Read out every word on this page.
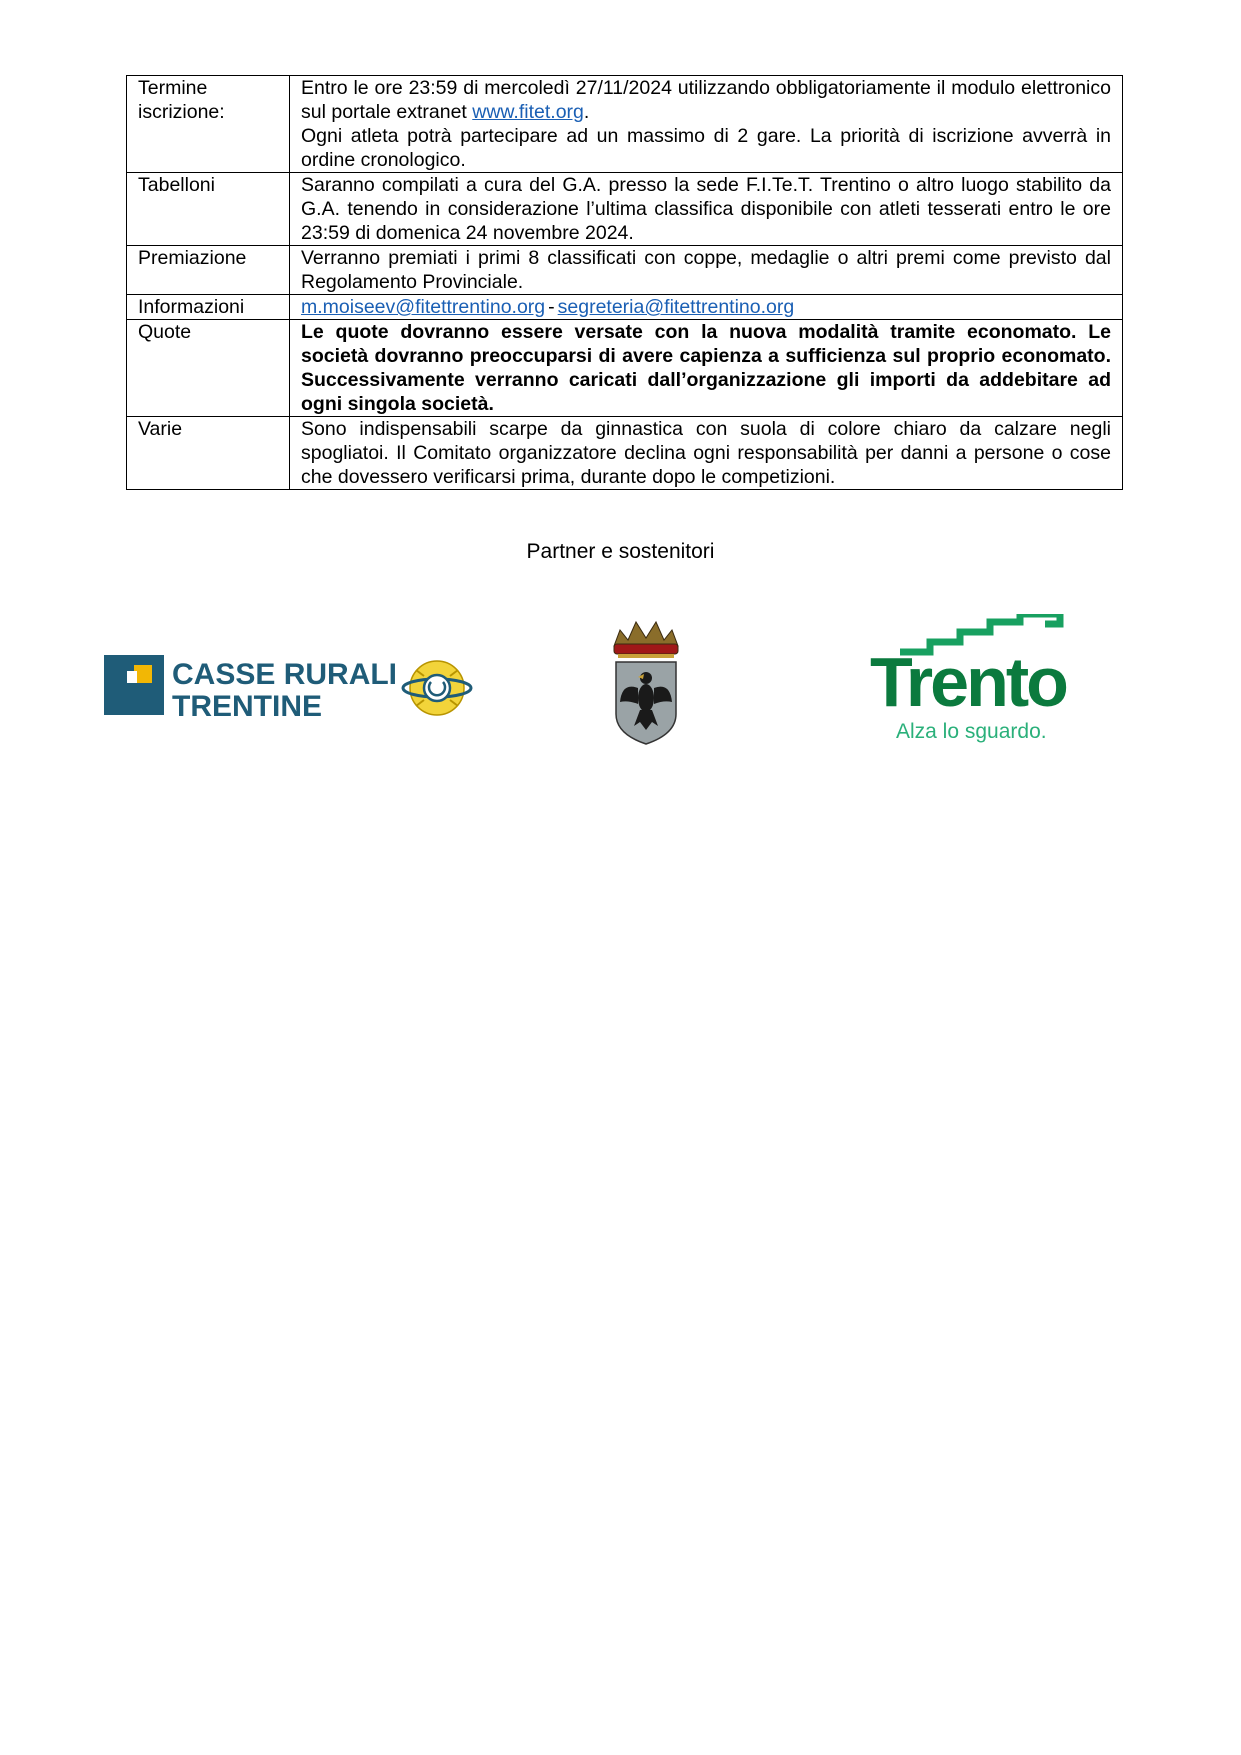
Termine iscrizione:	Entro le ore 23:59 di mercoledì 27/11/2024 utilizzando obbligatoriamente il modulo elettronico sul portale extranet www.fitet.org.
Ogni atleta potrà partecipare ad un massimo di 2 gare. La priorità di iscrizione avverrà in ordine cronologico.

Tabelloni	Saranno compilati a cura del G.A. presso la sede F.I.Te.T. Trentino o altro luogo stabilito da G.A. tenendo in considerazione l’ultima classifica disponibile con atleti tesserati entro le ore 23:59 di domenica 24 novembre 2024.
Premiazione	Verranno premiati i primi 8 classificati con coppe, medaglie o altri premi come previsto dal Regolamento Provinciale.
Informazioni	m.moiseev@fitettrentino.org - segreteria@fitettrentino.org
Quote	Le quote dovranno essere versate con la nuova modalità tramite economato. Le società dovranno preoccuparsi di avere capienza a sufficienza sul proprio economato. Successivamente verranno caricati dall’organizzazione gli importi da addebitare ad ogni singola società.
Varie	Sono indispensabili scarpe da ginnastica con suola di colore chiaro da calzare negli spogliatoi. Il Comitato organizzatore declina ogni responsabilità per danni a persone o cose che dovessero verificarsi prima, durante dopo le competizioni.
Partner e sostenitori
CASSE RURALI
TRENTINE	Trento
Alza lo sguardo.
